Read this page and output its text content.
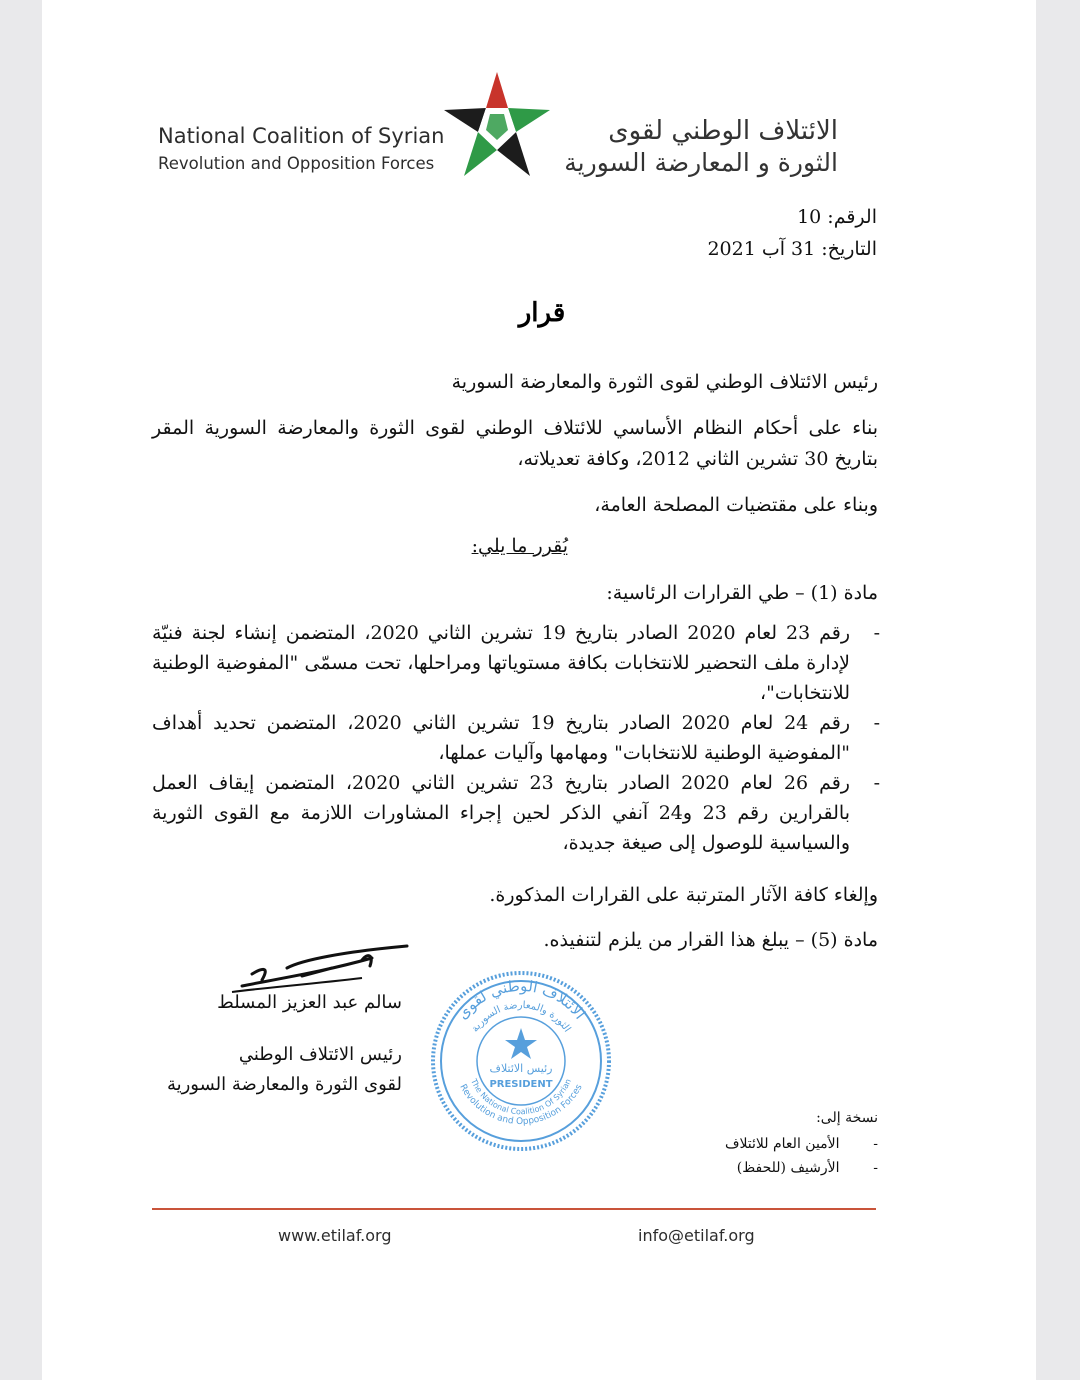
National Coalition of Syrian
Revolution and Opposition Forces
الائتلاف الوطني لقوى
الثورة و المعارضة السورية
الرقم: 10
التاريخ: 31 آب 2021
قرار
رئيس الائتلاف الوطني لقوى الثورة والمعارضة السورية
بناء على أحكام النظام الأساسي للائتلاف الوطني لقوى الثورة والمعارضة السورية المقر بتاريخ 30 تشرين الثاني 2012، وكافة تعديلاته،
وبناء على مقتضيات المصلحة العامة،
يُقرر ما يلي:
مادة (1) – طي القرارات الرئاسية:
-
رقم 23 لعام 2020 الصادر بتاريخ 19 تشرين الثاني 2020، المتضمن إنشاء لجنة فنيّة لإدارة ملف التحضير للانتخابات بكافة مستوياتها ومراحلها، تحت مسمّى "المفوضية الوطنية للانتخابات"،
-
رقم 24 لعام 2020 الصادر بتاريخ 19 تشرين الثاني 2020، المتضمن تحديد أهداف "المفوضية الوطنية للانتخابات" ومهامها وآليات عملها،
-
رقم 26 لعام 2020 الصادر بتاريخ 23 تشرين الثاني 2020، المتضمن إيقاف العمل بالقرارين رقم 23 و24 آنفي الذكر لحين إجراء المشاورات اللازمة مع القوى الثورية والسياسية للوصول إلى صيغة جديدة،
وإلغاء كافة الآثار المترتبة على القرارات المذكورة.
مادة (5) – يبلغ هذا القرار من يلزم لتنفيذه.
سالم عبد العزيز المسلط
رئيس الائتلاف الوطني
لقوى الثورة والمعارضة السورية
الائتلاف الوطني لقوى
الثورة والمعارضة السورية
The National Coalition Of Syrian
Revolution and Opposition Forces
رئيس الائتلاف
PRESIDENT
نسخة إلى:
- الأمين العام للائتلاف
- الأرشيف (للحفظ)
www.etilaf.org	info@etilaf.org
